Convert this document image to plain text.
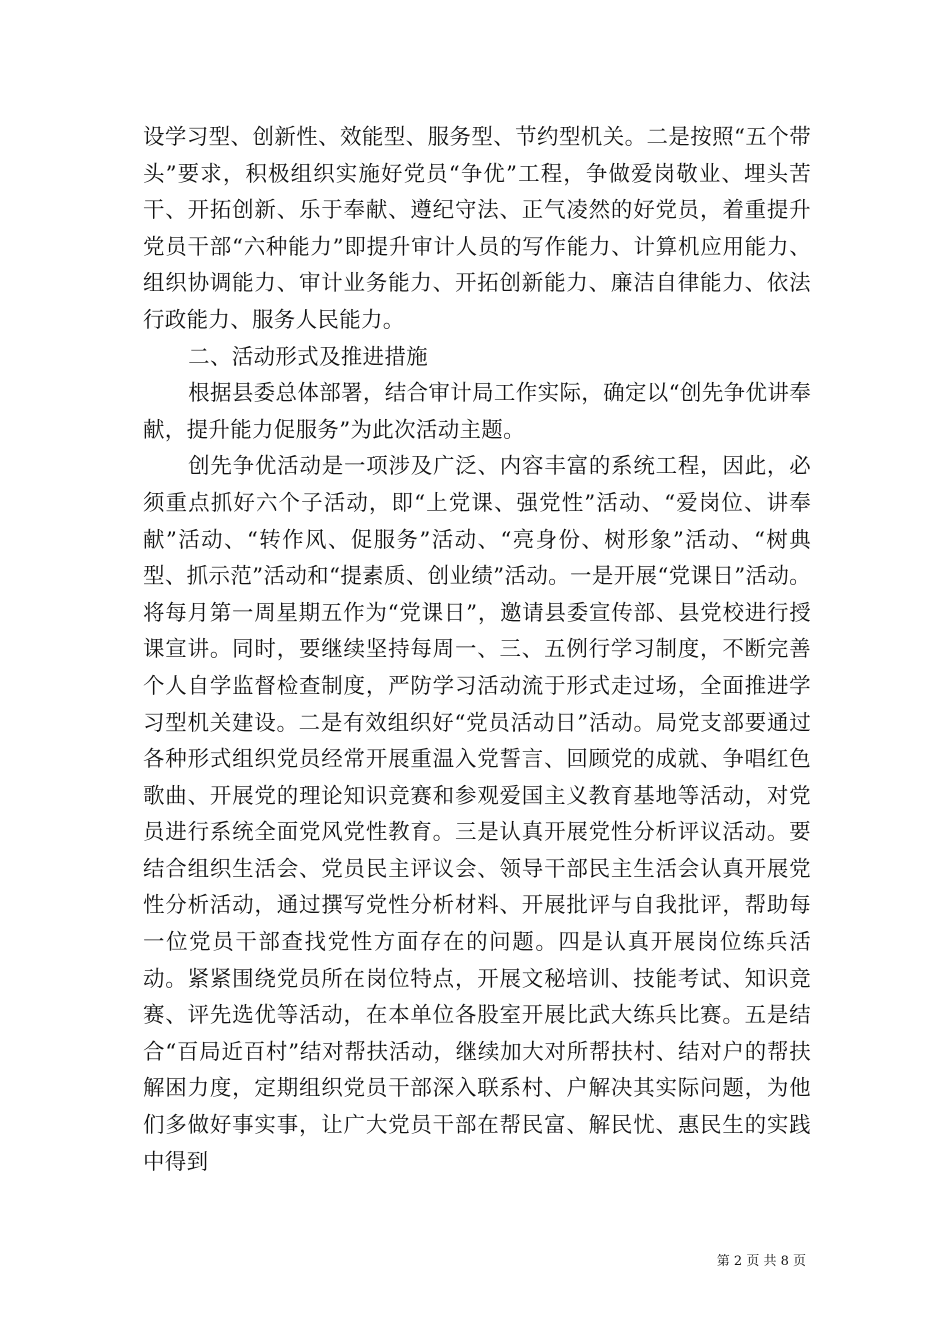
设学习型、创新性、效能型、服务型、节约型机关。二是按照“五个带头”要求，积极组织实施好党员“争优”工程，争做爱岗敬业、埋头苦干、开拓创新、乐于奉献、遵纪守法、正气凌然的好党员，着重提升党员干部“六种能力”即提升审计人员的写作能力、计算机应用能力、组织协调能力、审计业务能力、开拓创新能力、廉洁自律能力、依法行政能力、服务人民能力。

二、活动形式及推进措施

根据县委总体部署，结合审计局工作实际，确定以“创先争优讲奉献，提升能力促服务”为此次活动主题。

创先争优活动是一项涉及广泛、内容丰富的系统工程，因此，必须重点抓好六个子活动，即“上党课、强党性”活动、“爱岗位、讲奉献”活动、“转作风、促服务”活动、“亮身份、树形象”活动、“树典型、抓示范”活动和“提素质、创业绩”活动。一是开展“党课日”活动。将每月第一周星期五作为“党课日”，邀请县委宣传部、县党校进行授课宣讲。同时，要继续坚持每周一、三、五例行学习制度，不断完善个人自学监督检查制度，严防学习活动流于形式走过场，全面推进学习型机关建设。二是有效组织好“党员活动日”活动。局党支部要通过各种形式组织党员经常开展重温入党誓言、回顾党的成就、争唱红色歌曲、开展党的理论知识竞赛和参观爱国主义教育基地等活动，对党员进行系统全面党风党性教育。三是认真开展党性分析评议活动。要结合组织生活会、党员民主评议会、领导干部民主生活会认真开展党性分析活动，通过撰写党性分析材料、开展批评与自我批评，帮助每一位党员干部查找党性方面存在的问题。四是认真开展岗位练兵活动。紧紧围绕党员所在岗位特点，开展文秘培训、技能考试、知识竞赛、评先选优等活动，在本单位各股室开展比武大练兵比赛。五是结合“百局近百村”结对帮扶活动，继续加大对所帮扶村、结对户的帮扶解困力度，定期组织党员干部深入联系村、户解决其实际问题，为他们多做好事实事，让广大党员干部在帮民富、解民忧、惠民生的实践中得到

第 2 页 共 8 页
